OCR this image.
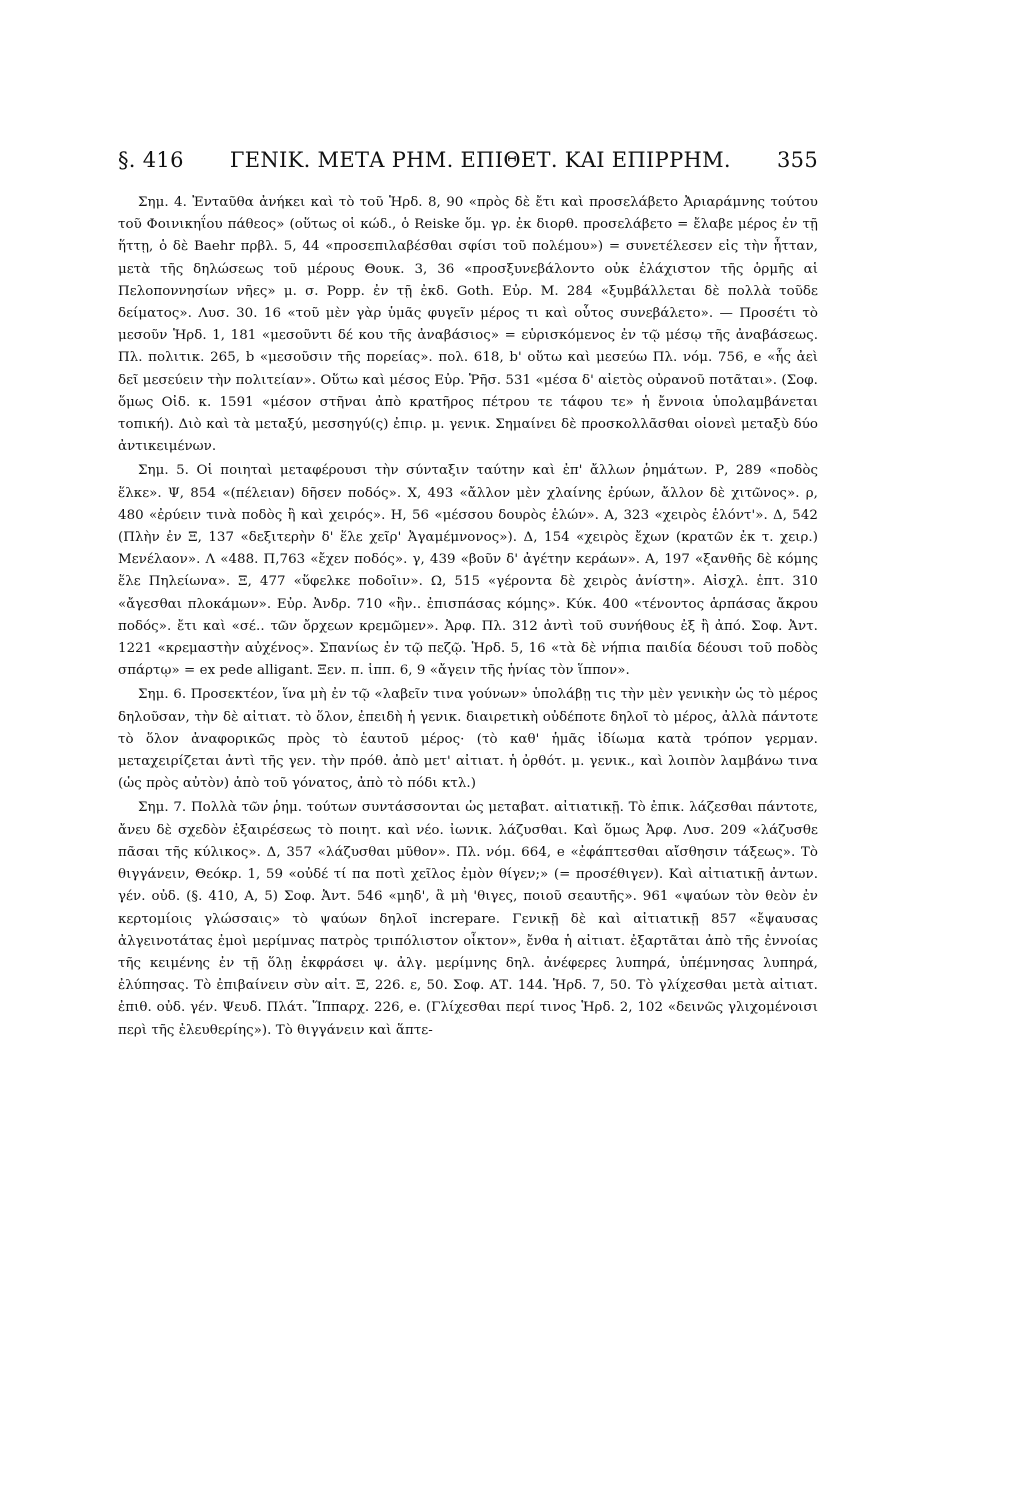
§. 416 ΓΕΝΙΚ. ΜΕΤΑ ΡΗΜ. ΕΠΙΘΕΤ. ΚΑΙ ΕΠΙΡΡΗΜ. 355

Σημ. 4. Ἐνταῦθα ἀνήκει καὶ τὸ τοῦ Ἡρδ. 8, 90 «πρὸς δὲ ἔτι καὶ προσελάβετο Ἀριαράμνης τούτου τοῦ Φοινικηΐου πάθεος» (οὕτως οἱ κώδ., ὁ Reiske ὅμ. γρ. ἐκ διορθ. προσελάβετο = ἔλαβε μέρος ἐν τῇ ἥττῃ, ὁ δὲ Baehr πρβλ. 5, 44 «προσεπιλαβέσθαι σφίσι τοῦ πολέμου») = συνετέλεσεν εἰς τὴν ἧτταν, μετὰ τῆς δηλώσεως τοῦ μέρους Θουκ. 3, 36 «προσξυνεβάλοντο οὐκ ἐλάχιστον τῆς ὁρμῆς αἱ Πελοποννησίων νῆες» μ. σ. Popp. ἐν τῇ ἐκδ. Goth. Εὐρ. Μ. 284 «ξυμβάλλεται δὲ πολλὰ τοῦδε δείματος». Λυσ. 30. 16 «τοῦ μὲν γὰρ ὑμᾶς φυγεῖν μέρος τι καὶ οὗτος συνεβάλετο». — Προσέτι τὸ μεσοῦν Ἡρδ. 1, 181 «μεσοῦντι δέ κου τῆς ἀναβάσιος» = εὑρισκόμενος ἐν τῷ μέσῳ τῆς ἀναβάσεως. Πλ. πολιτικ. 265, b «μεσοῦσιν τῆς πορείας». πολ. 618, b' οὕτω καὶ μεσεύω Πλ. νόμ. 756, e «ἧς ἀεὶ δεῖ μεσεύειν τὴν πολιτείαν». Οὕτω καὶ μέσος Εὐρ. Ῥῆσ. 531 «μέσα δ' αἰετὸς οὐρανοῦ ποτᾶται». (Σοφ. ὅμως Οἰδ. κ. 1591 «μέσον στῆναι ἀπὸ κρατῆρος πέτρου τε τάφου τε» ἡ ἔννοια ὑπολαμβάνεται τοπική). Διὸ καὶ τὰ μεταξύ, μεσσηγύ(ς) ἐπιρ. μ. γενικ. Σημαίνει δὲ προσκολλᾶσθαι οἱονεὶ μεταξὺ δύο ἀντικειμένων.

Σημ. 5. Οἱ ποιηταὶ μεταφέρουσι τὴν σύνταξιν ταύτην καὶ ἐπ' ἄλλων ῥημάτων. Ρ, 289 «ποδὸς ἕλκε». Ψ, 854 «(πέλειαν) δῆσεν ποδός». Χ, 493 «ἄλλον μὲν χλαίνης ἐρύων, ἄλλον δὲ χιτῶνος». ρ, 480 «ἐρύειν τινὰ ποδὸς ἢ καὶ χειρός». Η, 56 «μέσσου δουρὸς ἑλών». Α, 323 «χειρὸς ἑλόντ'». Δ, 542 (Πλὴν ἐν Ξ, 137 «δεξιτερὴν δ' ἕλε χεῖρ' Ἀγαμέμνονος»). Δ, 154 «χειρὸς ἔχων (κρατῶν ἐκ τ. χειρ.) Μενέλαον». Λ «488. Π,763 «ἔχεν ποδός». γ, 439 «βοῦν δ' ἀγέτην κεράων». Α, 197 «ξανθῆς δὲ κόμης ἕλε Πηλείωνα». Ξ, 477 «ὕφελκε ποδοῖιν». Ω, 515 «γέροντα δὲ χειρὸς ἀνίστη». Αἰσχλ. ἑπτ. 310 «ἄγεσθαι πλοκάμων». Εὐρ. Ἀνδρ. 710 «ἣν.. ἐπισπάσας κόμης». Κύκ. 400 «τένοντος ἁρπάσας ἄκρου ποδός». ἔτι καὶ «σέ.. τῶν ὄρχεων κρεμῶμεν». Ἀρφ. Πλ. 312 ἀντὶ τοῦ συνήθους ἐξ ἢ ἀπό. Σοφ. Ἀντ. 1221 «κρεμαστὴν αὐχένος». Σπανίως ἐν τῷ πεζῷ. Ἡρδ. 5, 16 «τὰ δὲ νήπια παιδία δέουσι τοῦ ποδὸς σπάρτῳ» = ex pede alligant. Ξεν. π. ἱππ. 6, 9 «ἄγειν τῆς ἡνίας τὸν ἵππον».

Σημ. 6. Προσεκτέον, ἵνα μὴ ἐν τῷ «λαβεῖν τινα γούνων» ὑπολάβῃ τις τὴν μὲν γενικὴν ὡς τὸ μέρος δηλοῦσαν, τὴν δὲ αἰτιατ. τὸ ὅλον, ἐπειδὴ ἡ γενικ. διαιρετικὴ οὐδέποτε δηλοῖ τὸ μέρος, ἀλλὰ πάντοτε τὸ ὅλον ἀναφορικῶς πρὸς τὸ ἑαυτοῦ μέρος· (τὸ καθ' ἡμᾶς ἰδίωμα κατὰ τρόπον γερμαν. μεταχειρίζεται ἀντὶ τῆς γεν. τὴν πρόθ. ἀπὸ μετ' αἰτιατ. ἡ ὀρθότ. μ. γενικ., καὶ λοιπὸν λαμβάνω τινα (ὡς πρὸς αὐτὸν) ἀπὸ τοῦ γόνατος, ἀπὸ τὸ πόδι κτλ.)

Σημ. 7. Πολλὰ τῶν ῥημ. τούτων συντάσσονται ὡς μεταβατ. αἰτιατικῇ. Τὸ ἐπικ. λάζεσθαι πάντοτε, ἄνευ δὲ σχεδὸν ἐξαιρέσεως τὸ ποιητ. καὶ νέο. ἰωνικ. λάζυσθαι. Καὶ ὅμως Ἀρφ. Λυσ. 209 «λάζυσθε πᾶσαι τῆς κύλικος». Δ, 357 «λάζυσθαι μῦθον». Πλ. νόμ. 664, e «ἐφάπτεσθαι αἴσθησιν τάξεως». Τὸ θιγγάνειν, Θεόκρ. 1, 59 «οὐδέ τί πα ποτὶ χεῖλος ἐμὸν θίγεν;» (= προσέθιγεν). Καὶ αἰτιατικῇ ἀντων. γέν. οὐδ. (§. 410, Α, 5) Σοφ. Ἀντ. 546 «μηδ', ἃ μὴ 'θιγες, ποιοῦ σεαυτῆς». 961 «ψαύων τὸν θεὸν ἐν κερτομίοις γλώσσαις» τὸ ψαύων δηλοῖ increpare. Γενικῇ δὲ καὶ αἰτιατικῇ 857 «ἔψαυσας ἀλγεινοτάτας ἐμοὶ μερίμνας πατρὸς τριπόλιστον οἶκτον», ἔνθα ἡ αἰτιατ. ἐξαρτᾶται ἀπὸ τῆς ἐννοίας τῆς κειμένης ἐν τῇ ὅλῃ ἐκφράσει ψ. ἀλγ. μερίμνης δηλ. ἀνέφερες λυπηρά, ὑπέμνησας λυπηρά, ἐλύπησας. Τὸ ἐπιβαίνειν σὺν αἰτ. Ξ, 226. ε, 50. Σοφ. ΑΤ. 144. Ἡρδ. 7, 50. Τὸ γλίχεσθαι μετὰ αἰτιατ. ἐπιθ. οὐδ. γέν. Ψευδ. Πλάτ. Ἵππαρχ. 226, e. (Γλίχεσθαι περί τινος Ἡρδ. 2, 102 «δεινῶς γλιχομένοισι περὶ τῆς ἐλευθερίης»). Τὸ θιγγάνειν καὶ ἅπτε-
